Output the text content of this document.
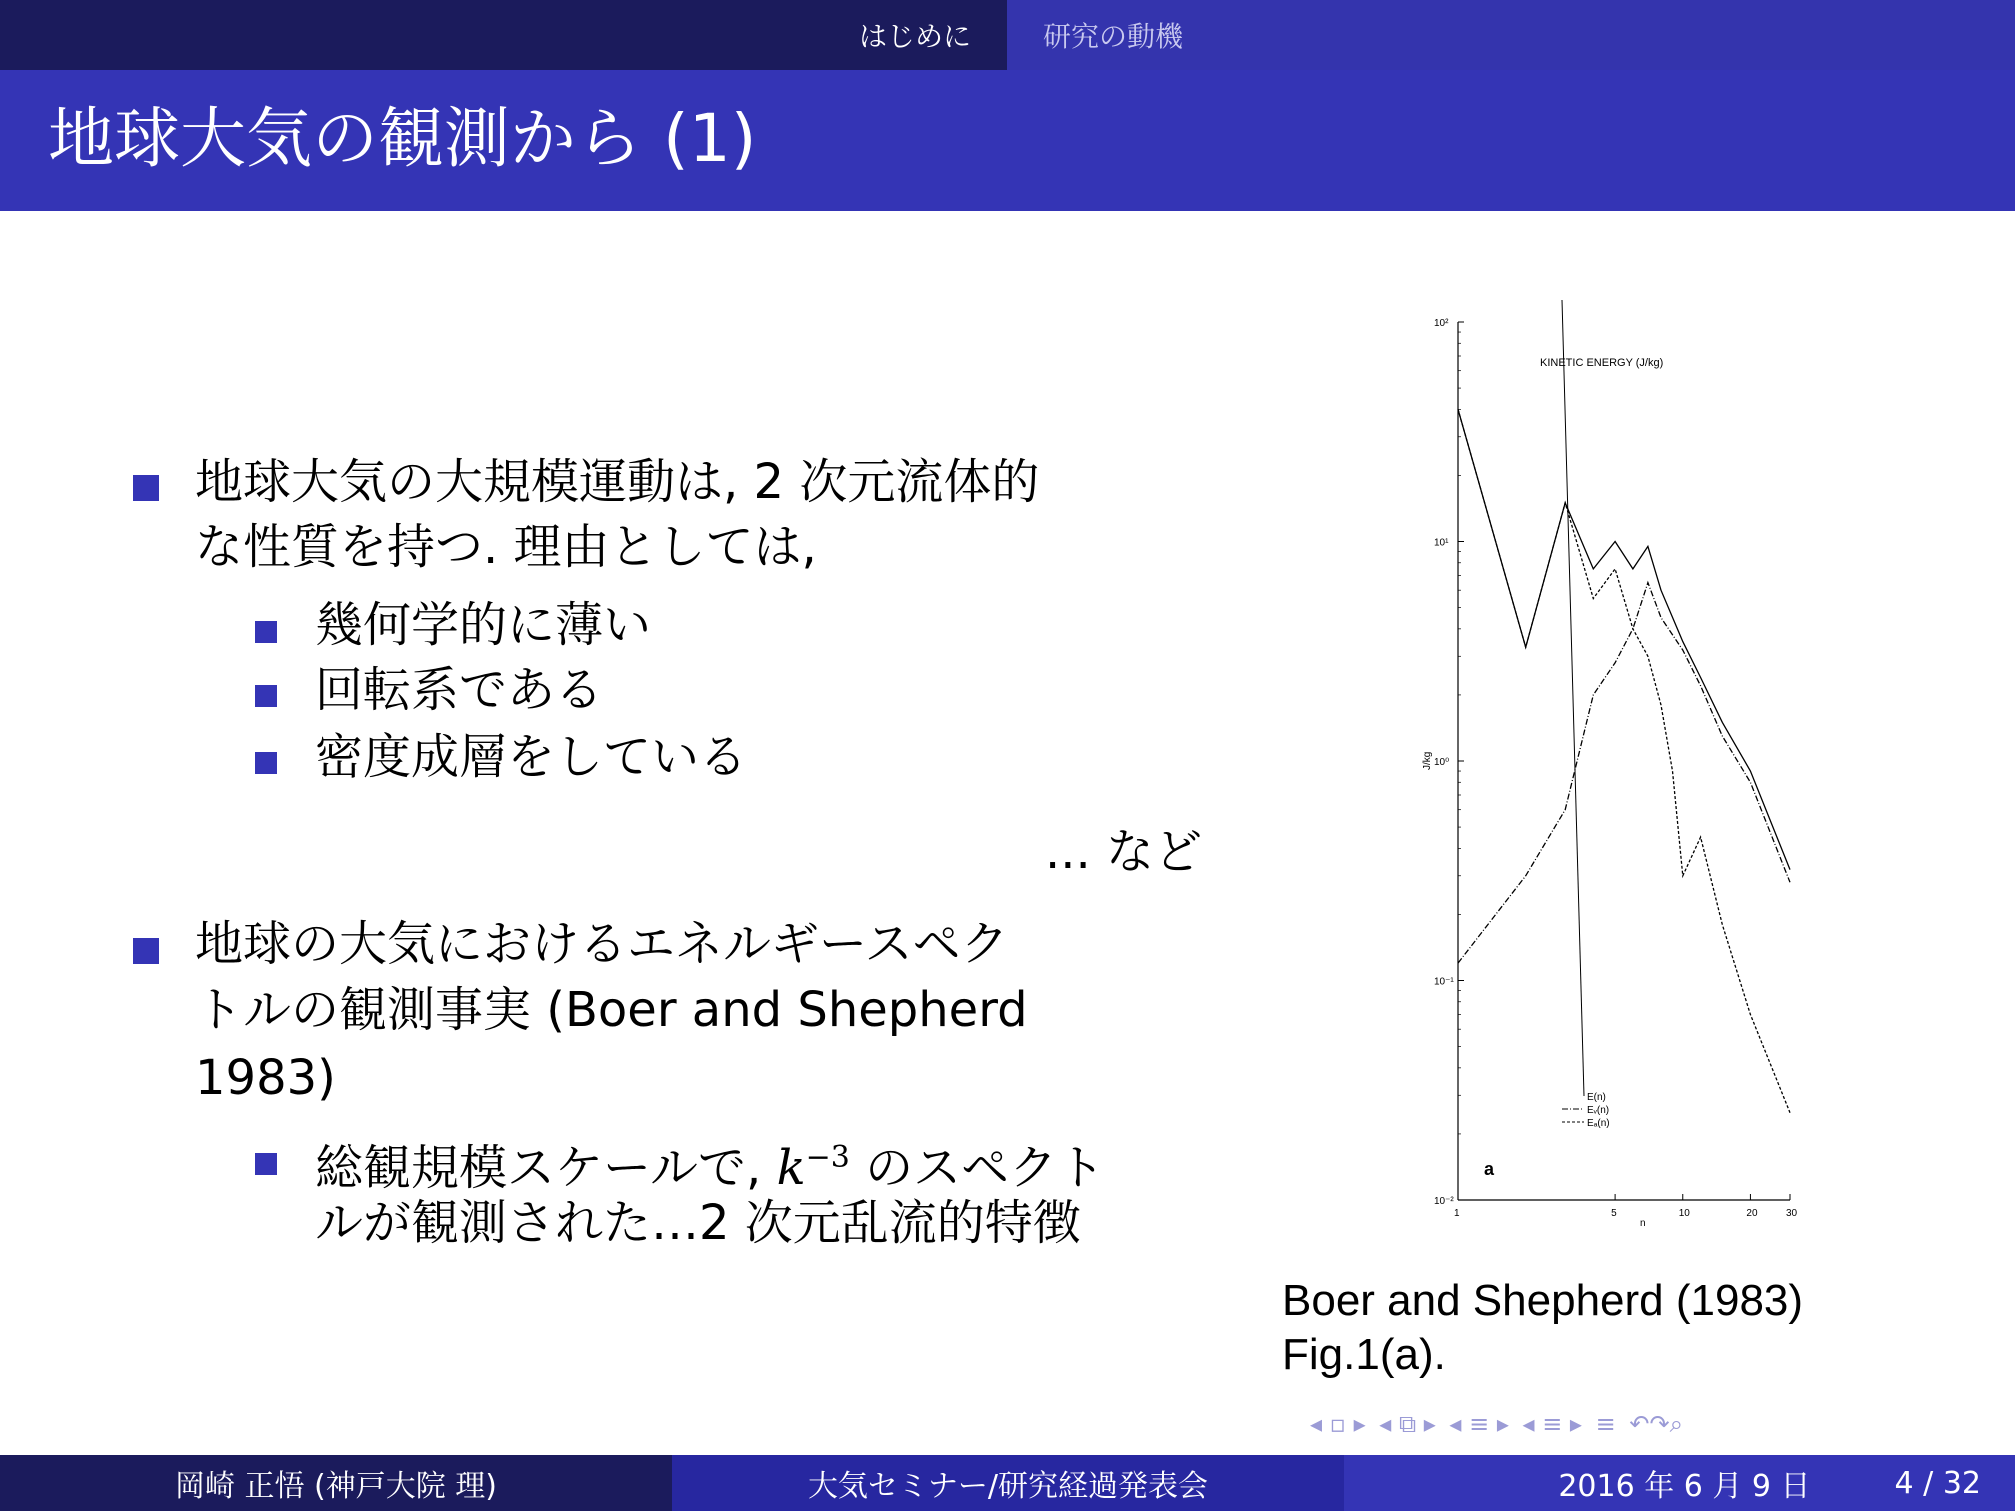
はじめに	研究の動機
地球大気の観測から (1)
地球大気の大規模運動は, 2 次元流体的
な性質を持つ. 理由としては,
幾何学的に薄い
回転系である
密度成層をしている
... など
地球の大気におけるエネルギースペク
トルの観測事実 (Boer and Shepherd
1983)
総観規模スケールで, $k^{-3}$ のスペクト
ルが観測された…2 次元乱流的特徴
10²
10¹
10⁰
10⁻¹
10⁻²
1	5	10	20	30
KINETIC ENERGY (J/kg)
J/kg
n
a
E(n)
Eᵥ(n)
Eₐ(n)
Boer and Shepherd (1983)
Fig.1(a).
◂ ▫ ▸ ◂ ⧉ ▸ ◂ ≡ ▸ ◂ ≡ ▸ ≡ ↶↷⌕
岡崎 正悟 (神戸大院 理)	大気セミナー/研究経過発表会	2016 年 6 月 9 日	4 / 32
